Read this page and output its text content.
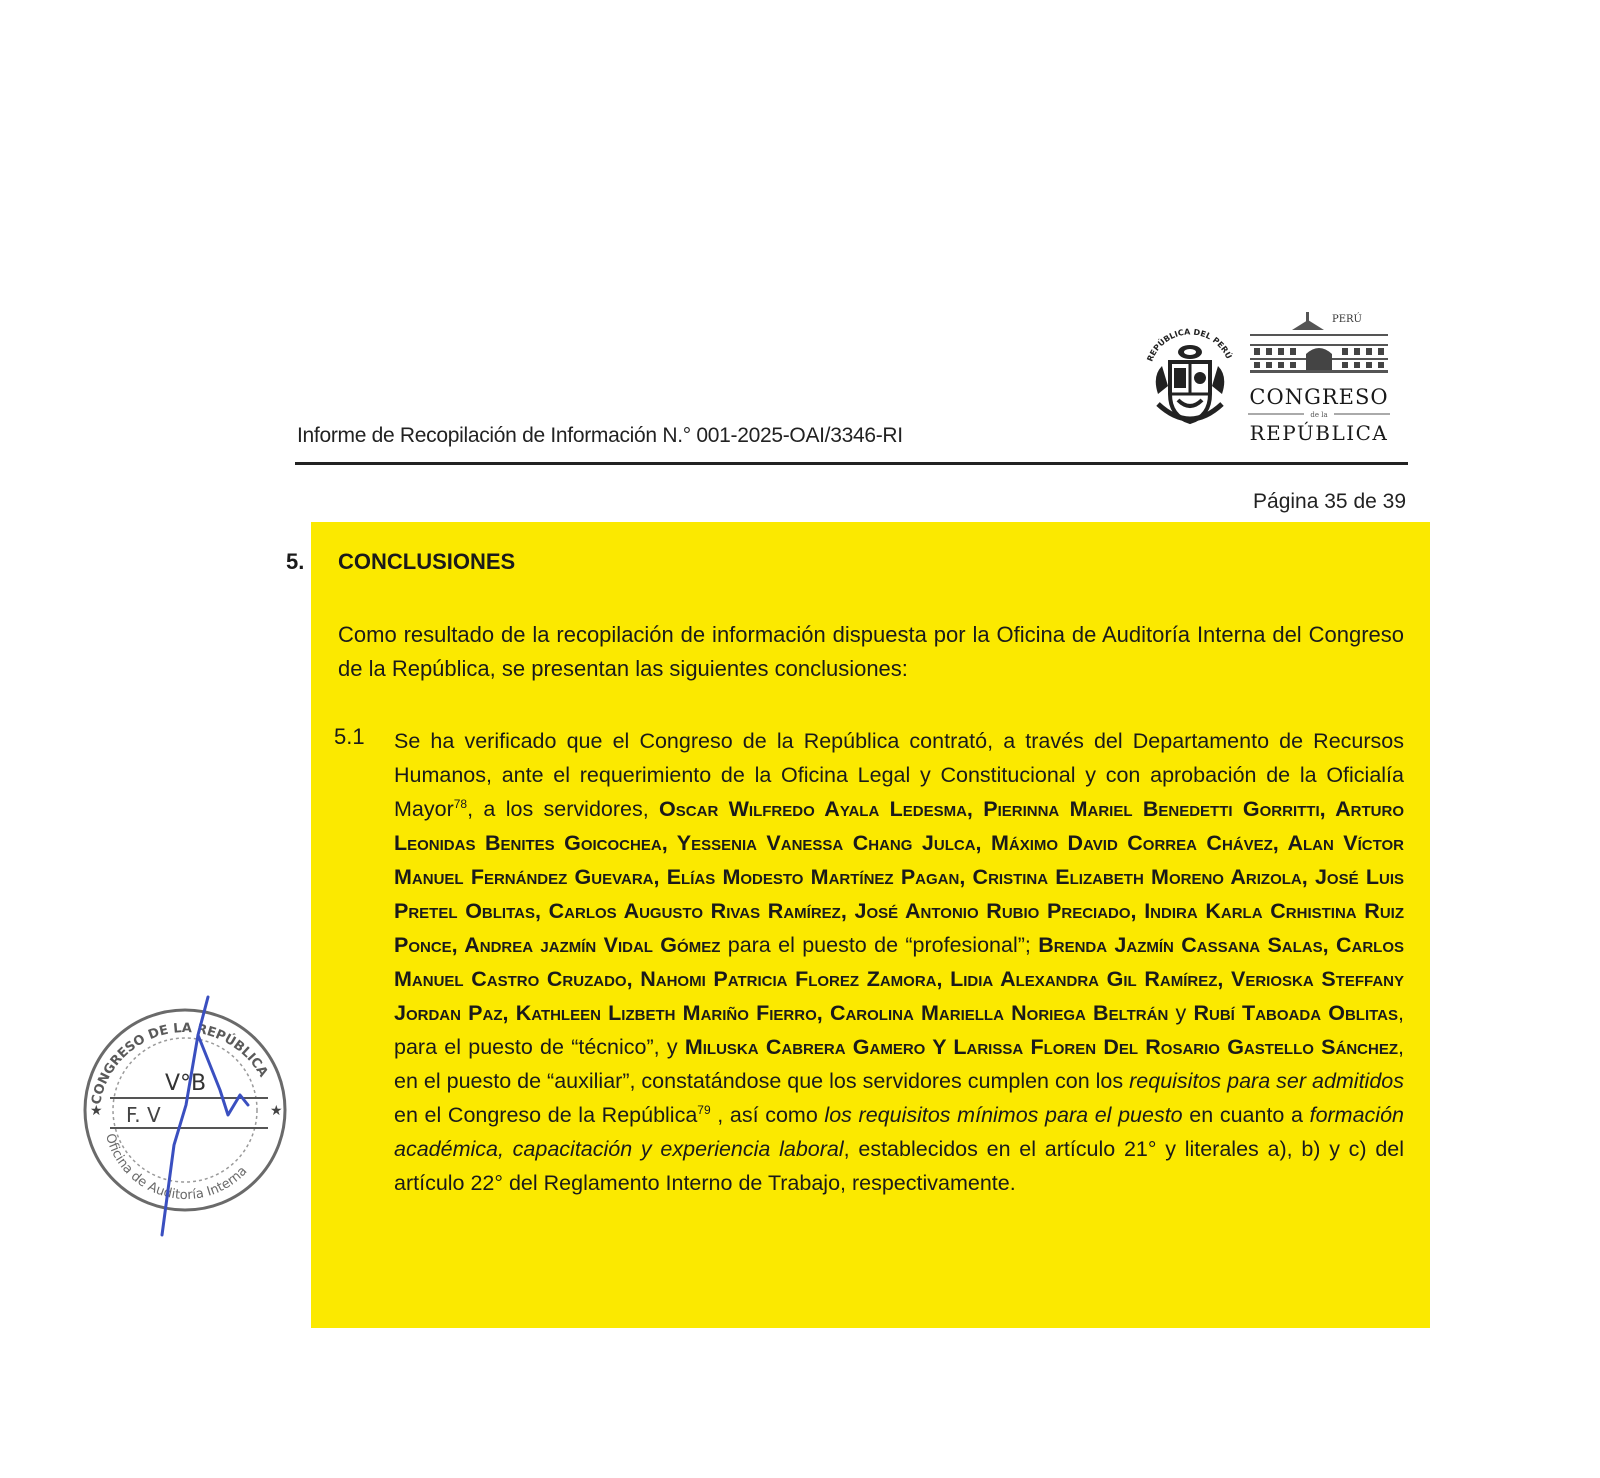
Informe de Recopilación de Información N.° 001-2025-OAI/3346-RI
REPÚBLICA DEL PERÚ
PERÚ
CONGRESO
de la
REPÚBLICA
Página 35 de 39
5. CONCLUSIONES
Como resultado de la recopilación de información dispuesta por la Oficina de Auditoría Interna del Congreso de la República, se presentan las siguientes conclusiones:
5.1 Se ha verificado que el Congreso de la República contrató, a través del Departamento de Recursos Humanos, ante el requerimiento de la Oficina Legal y Constitucional y con aprobación de la Oficialía Mayor$^{78}$, a los servidores, Oscar Wilfredo Ayala Ledesma, Pierinna Mariel Benedetti Gorritti, Arturo Leonidas Benites Goicochea, Yessenia Vanessa Chang Julca, Máximo David Correa Chávez, Alan Víctor Manuel Fernández Guevara, Elías Modesto Martínez Pagan, Cristina Elizabeth Moreno Arizola, José Luis Pretel Oblitas, Carlos Augusto Rivas Ramírez, José Antonio Rubio Preciado, Indira Karla Crhistina Ruiz Ponce, Andrea jazmín Vidal Gómez para el puesto de “profesional”; Brenda Jazmín Cassana Salas, Carlos Manuel Castro Cruzado, Nahomi Patricia Florez Zamora, Lidia Alexandra Gil Ramírez, Verioska Steffany Jordan Paz, Kathleen Lizbeth Mariño Fierro, Carolina Mariella Noriega Beltrán y Rubí Taboada Oblitas, para el puesto de “técnico”, y Miluska Cabrera Gamero Y Larissa Floren Del Rosario Gastello Sánchez, en el puesto de “auxiliar”, constatándose que los servidores cumplen con los requisitos para ser admitidos en el Congreso de la República$^{79}$ , así como los requisitos mínimos para el puesto en cuanto a formación académica, capacitación y experiencia laboral, establecidos en el artículo 21° y literales a), b) y c) del artículo 22° del Reglamento Interno de Trabajo, respectivamente.
CONGRESO DE LA REPÚBLICA
Oficina de Auditoría Interna
★	★
V°B
F. V
